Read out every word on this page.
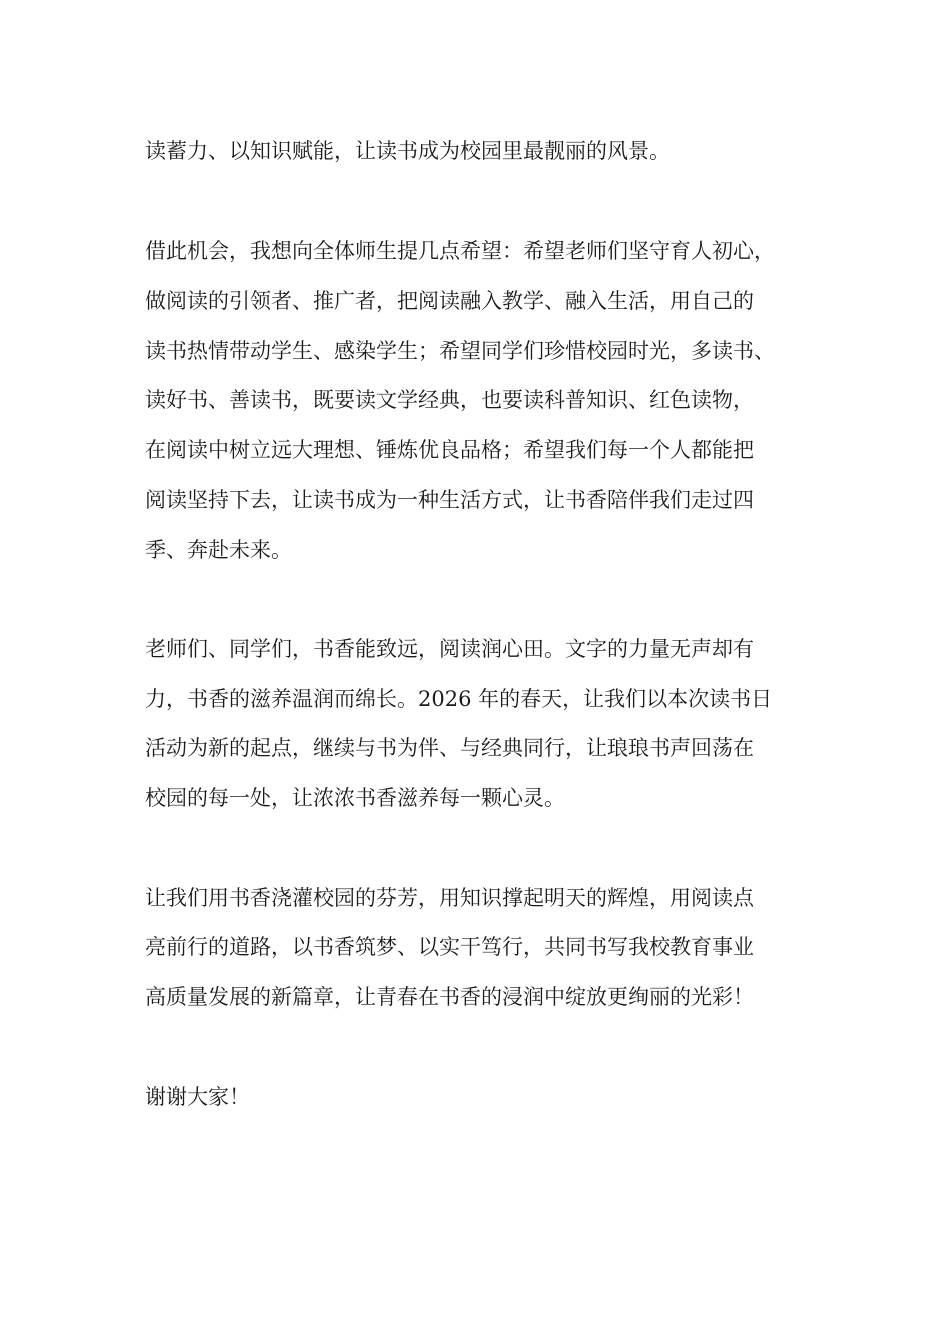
读蓄力、以知识赋能，让读书成为校园里最靓丽的风景。

借此机会，我想向全体师生提几点希望：希望老师们坚守育人初心，

做阅读的引领者、推广者，把阅读融入教学、融入生活，用自己的

读书热情带动学生、感染学生；希望同学们珍惜校园时光，多读书、

读好书、善读书，既要读文学经典，也要读科普知识、红色读物，

在阅读中树立远大理想、锤炼优良品格；希望我们每一个人都能把

阅读坚持下去，让读书成为一种生活方式，让书香陪伴我们走过四

季、奔赴未来。

老师们、同学们，书香能致远，阅读润心田。文字的力量无声却有

力，书香的滋养温润而绵长。2026 年的春天，让我们以本次读书日

活动为新的起点，继续与书为伴、与经典同行，让琅琅书声回荡在

校园的每一处，让浓浓书香滋养每一颗心灵。

让我们用书香浇灌校园的芬芳，用知识撑起明天的辉煌，用阅读点

亮前行的道路，以书香筑梦、以实干笃行，共同书写我校教育事业

高质量发展的新篇章，让青春在书香的浸润中绽放更绚丽的光彩！

谢谢大家！
